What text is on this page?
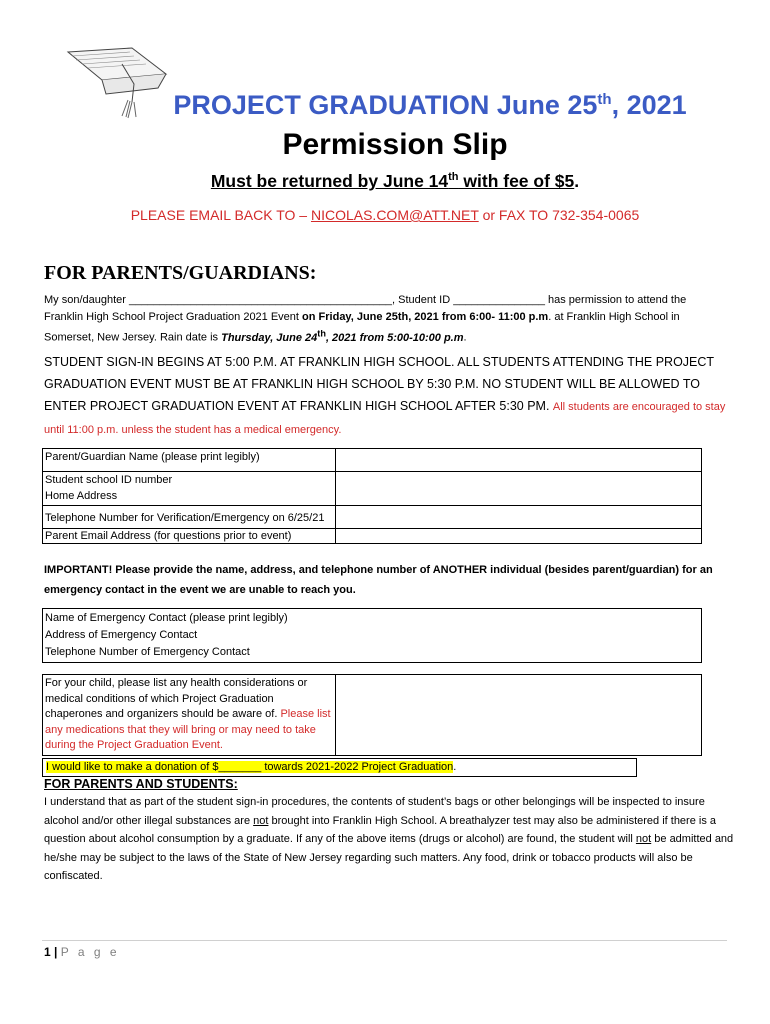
PROJECT GRADUATION June 25th, 2021
Permission Slip
Must be returned by June 14th with fee of $5.
PLEASE EMAIL BACK TO – NICOLAS.COM@ATT.NET or FAX TO 732-354-0065
FOR PARENTS/GUARDIANS:
My son/daughter ___________________________________________, Student ID _______________ has permission to attend the
Franklin High School Project Graduation 2021 Event on Friday, June 25th, 2021 from 6:00- 11:00 p.m. at Franklin High School in
Somerset, New Jersey. Rain date is Thursday, June 24th, 2021 from 5:00-10:00 p.m.
STUDENT SIGN-IN BEGINS AT 5:00 P.M. AT FRANKLIN HIGH SCHOOL. ALL STUDENTS ATTENDING THE PROJECT GRADUATION EVENT MUST BE AT FRANKLIN HIGH SCHOOL BY 5:30 P.M. NO STUDENT WILL BE ALLOWED TO ENTER PROJECT GRADUATION EVENT AT FRANKLIN HIGH SCHOOL AFTER 5:30 PM. All students are encouraged to stay until 11:00 p.m. unless the student has a medical emergency.
Parent/Guardian Name (please print legibly)	

Student school ID number
Home Address	

Telephone Number for Verification/Emergency on 6/25/21	
Parent Email Address (for questions prior to event)	
IMPORTANT! Please provide the name, address, and telephone number of ANOTHER individual (besides parent/guardian) for an emergency contact in the event we are unable to reach you.
Name of Emergency Contact (please print legibly)
Address of Emergency Contact
Telephone Number of Emergency Contact
For your child, please list any health considerations or medical conditions of which Project Graduation chaperones and organizers should be aware of. Please list any medications that they will bring or may need to take during the Project Graduation Event.	
I would like to make a donation of $_______ towards 2021-2022 Project Graduation.
FOR PARENTS AND STUDENTS:
I understand that as part of the student sign-in procedures, the contents of student’s bags or other belongings will be inspected to insure alcohol and/or other illegal substances are not brought into Franklin High School. A breathalyzer test may also be administered if there is a question about alcohol consumption by a graduate. If any of the above items (drugs or alcohol) are found, the student will not be admitted and he/she may be subject to the laws of the State of New Jersey regarding such matters. Any food, drink or tobacco products will also be confiscated.
1 | P a g e
